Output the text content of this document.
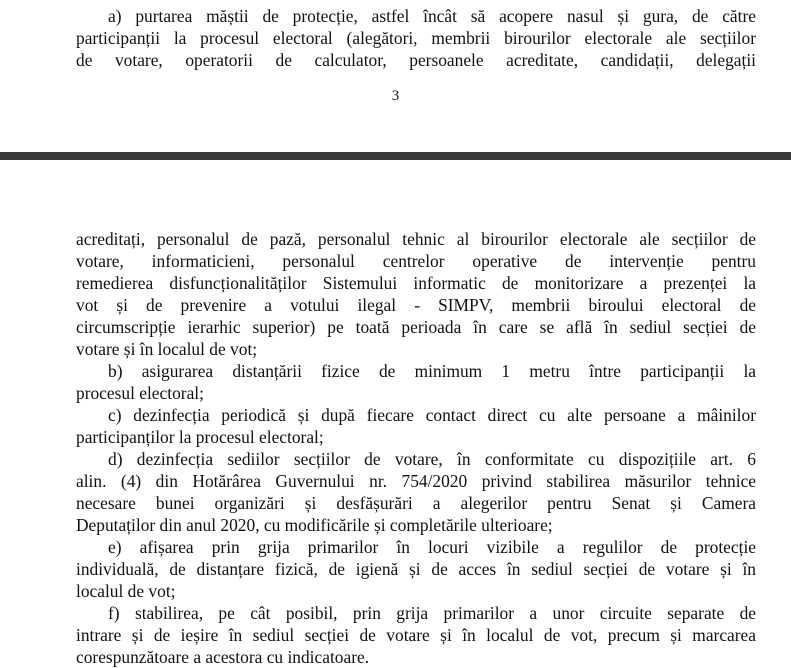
a) purtarea măștii de protecție, astfel încât să acopere nasul și gura, de către
participanții la procesul electoral (alegători, membrii birourilor electorale ale secțiilor
de votare, operatorii de calculator, persoanele acreditate, candidații, delegații
3
acreditați, personalul de pază, personalul tehnic al birourilor electorale ale secțiilor de
votare, informaticieni, personalul centrelor operative de intervenție pentru
remedierea disfuncționalităților Sistemului informatic de monitorizare a prezenței la
vot și de prevenire a votului ilegal - SIMPV, membrii biroului electoral de
circumscripție ierarhic superior) pe toată perioada în care se află în sediul secției de
votare și în localul de vot;
b) asigurarea distanțării fizice de minimum 1 metru între participanții la
procesul electoral;
c) dezinfecția periodică și după fiecare contact direct cu alte persoane a mâinilor
participanților la procesul electoral;
d) dezinfecția sediilor secțiilor de votare, în conformitate cu dispozițiile art. 6
alin. (4) din Hotărârea Guvernului nr. 754/2020 privind stabilirea măsurilor tehnice
necesare bunei organizări și desfășurări a alegerilor pentru Senat și Camera
Deputaților din anul 2020, cu modificările și completările ulterioare;
e) afișarea prin grija primarilor în locuri vizibile a regulilor de protecție
individuală, de distanțare fizică, de igienă și de acces în sediul secției de votare și în
localul de vot;
f) stabilirea, pe cât posibil, prin grija primarilor a unor circuite separate de
intrare și de ieșire în sediul secției de votare și în localul de vot, precum și marcarea
corespunzătoare a acestora cu indicatoare.
